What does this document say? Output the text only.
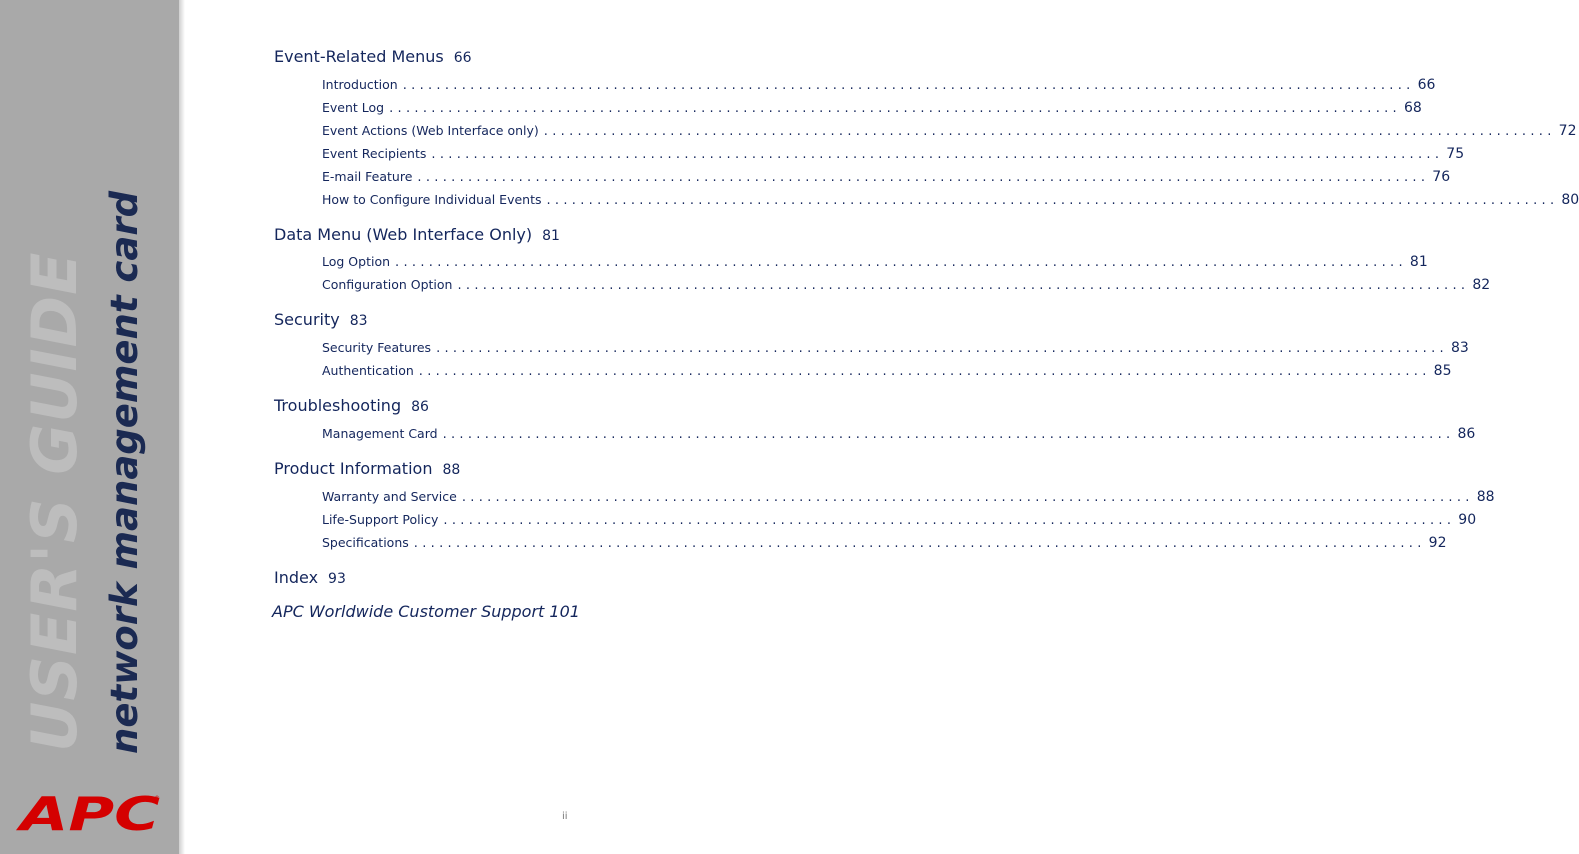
USER'S GUIDE network management card
APC
®
Event-Related Menus 66
Introduction ........................................................................................................................ 66
Event Log ........................................................................................................................ 68
Event Actions (Web Interface only) ........................................................................................................................ 72
Event Recipients ........................................................................................................................ 75
E-mail Feature ........................................................................................................................ 76
How to Configure Individual Events ........................................................................................................................ 80
Data Menu (Web Interface Only) 81
Log Option ........................................................................................................................ 81
Configuration Option ........................................................................................................................ 82
Security 83
Security Features ........................................................................................................................ 83
Authentication ........................................................................................................................ 85
Troubleshooting 86
Management Card ........................................................................................................................ 86
Product Information 88
Warranty and Service ........................................................................................................................ 88
Life-Support Policy ........................................................................................................................ 90
Specifications ........................................................................................................................ 92
Index 93
APC Worldwide Customer Support 101
ii
